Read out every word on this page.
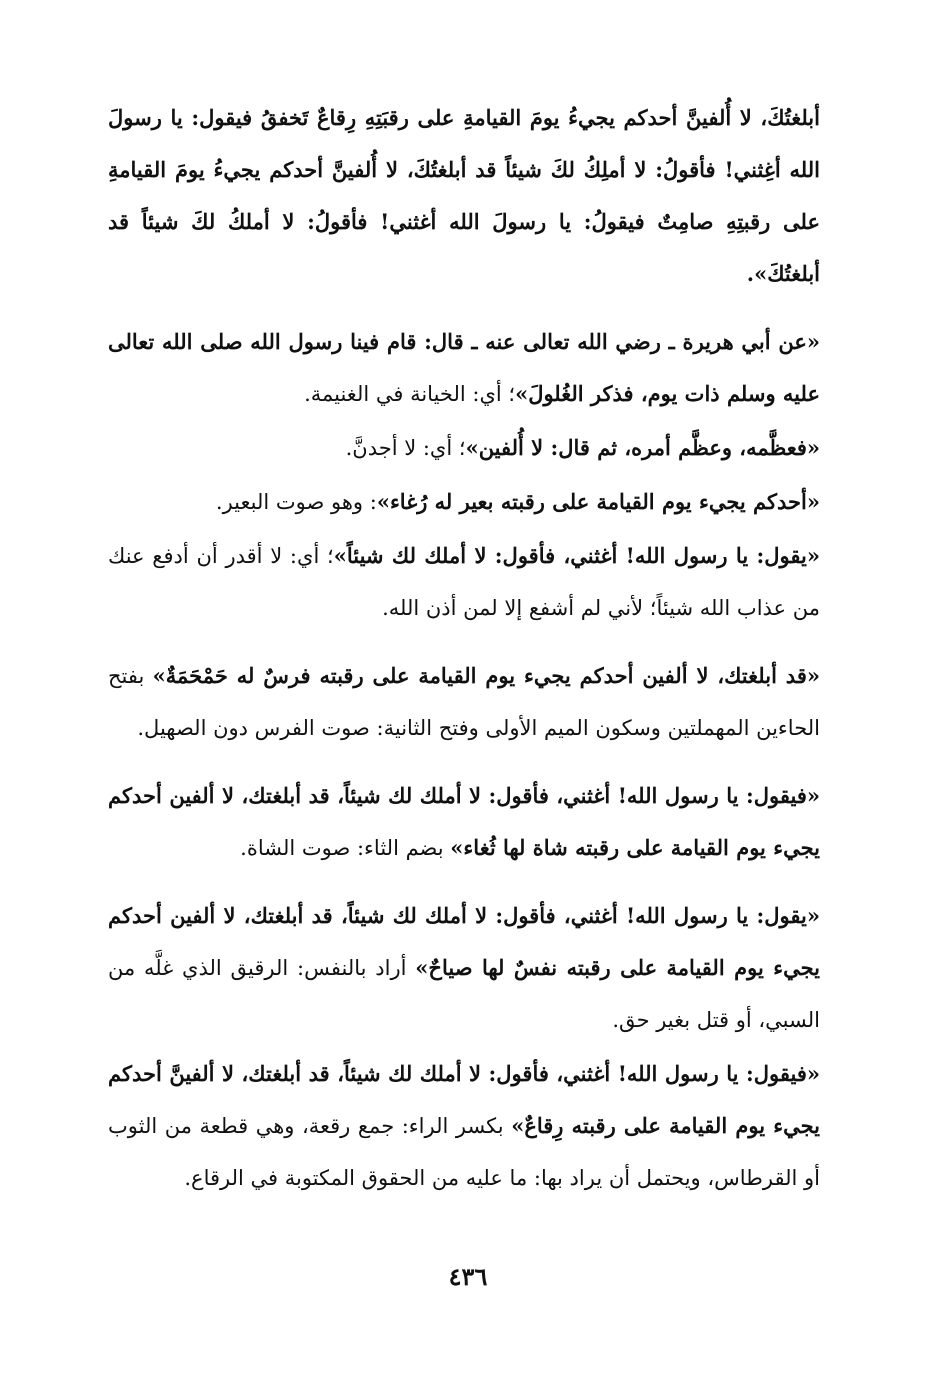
أبلغتُكَ، لا أُلفينَّ أحدكم يجيءُ يومَ القيامةِ على رقبَتِهِ رِقاعٌ تَخفقُ فيقول: يا رسولَ الله أغِثني! فأقولُ: لا أملِكُ لكَ شيئاً قد أبلغتُكَ، لا أُلفينَّ أحدكم يجيءُ يومَ القيامةِ على رقبتِهِ صامِتٌ فيقولُ: يا رسولَ الله أغثني! فأقولُ: لا أملكُ لكَ شيئاً قد أبلغتُكَ».

«عن أبي هريرة ـ رضي الله تعالى عنه ـ قال: قام فينا رسول الله صلى الله تعالى عليه وسلم ذات يوم، فذكر الغُلولَ»؛ أي: الخيانة في الغنيمة.

«فعظَّمه، وعظَّم أمره، ثم قال: لا أُلفين»؛ أي: لا أجدنَّ.

«أحدكم يجيء يوم القيامة على رقبته بعير له رُغاء»: وهو صوت البعير.

«يقول: يا رسول الله! أغثني، فأقول: لا أملك لك شيئاً»؛ أي: لا أقدر أن أدفع عنك من عذاب الله شيئاً؛ لأني لم أشفع إلا لمن أذن الله.

«قد أبلغتك، لا ألفين أحدكم يجيء يوم القيامة على رقبته فرسٌ له حَمْحَمَةٌ» بفتح الحاءين المهملتين وسكون الميم الأولى وفتح الثانية: صوت الفرس دون الصهيل.

«فيقول: يا رسول الله! أغثني، فأقول: لا أملك لك شيئاً، قد أبلغتك، لا ألفين أحدكم يجيء يوم القيامة على رقبته شاة لها ثُغاء» بضم الثاء: صوت الشاة.

«يقول: يا رسول الله! أغثني، فأقول: لا أملك لك شيئاً، قد أبلغتك، لا ألفين أحدكم يجيء يوم القيامة على رقبته نفسٌ لها صياحٌ» أراد بالنفس: الرقيق الذي غلَّه من السبي، أو قتل بغير حق.

«فيقول: يا رسول الله! أغثني، فأقول: لا أملك لك شيئاً، قد أبلغتك، لا ألفينَّ أحدكم يجيء يوم القيامة على رقبته رِقاعٌ» بكسر الراء: جمع رقعة، وهي قطعة من الثوب أو القرطاس، ويحتمل أن يراد بها: ما عليه من الحقوق المكتوبة في الرقاع.

٤٣٦
